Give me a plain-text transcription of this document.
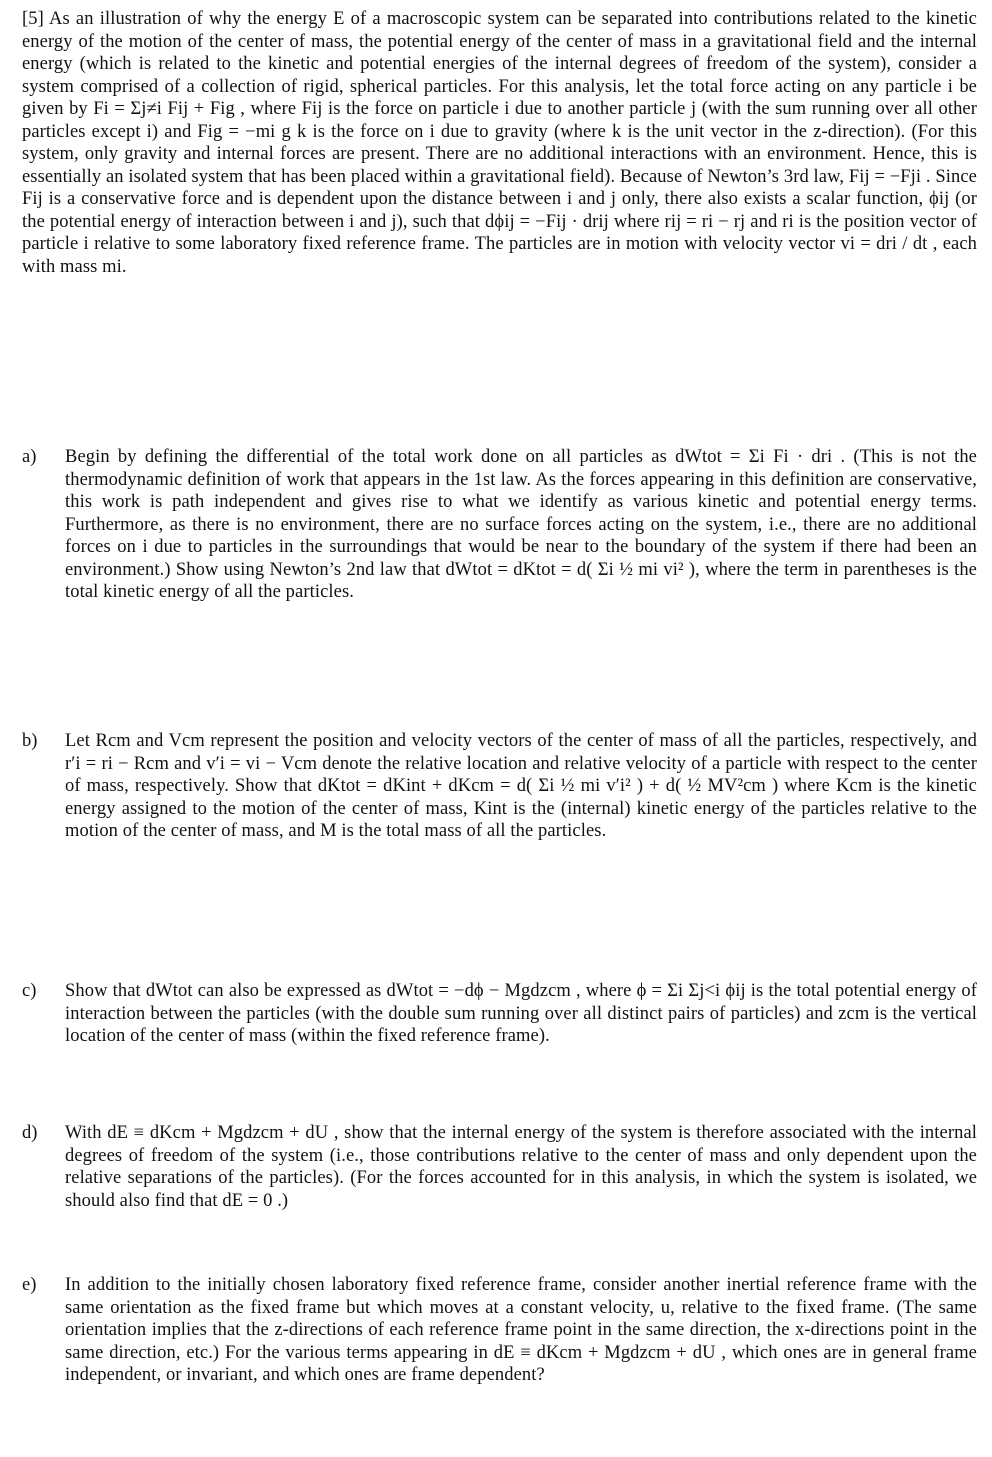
[5] As an illustration of why the energy E of a macroscopic system can be separated into contributions related to the kinetic energy of the motion of the center of mass, the potential energy of the center of mass in a gravitational field and the internal energy (which is related to the kinetic and potential energies of the internal degrees of freedom of the system), consider a system comprised of a collection of rigid, spherical particles. For this analysis, let the total force acting on any particle i be given by Fi = Σj≠i Fij + Fig , where Fij is the force on particle i due to another particle j (with the sum running over all other particles except i) and Fig = −mi g k is the force on i due to gravity (where k is the unit vector in the z-direction). (For this system, only gravity and internal forces are present. There are no additional interactions with an environment. Hence, this is essentially an isolated system that has been placed within a gravitational field). Because of Newton’s 3rd law, Fij = −Fji . Since Fij is a conservative force and is dependent upon the distance between i and j only, there also exists a scalar function, ϕij (or the potential energy of interaction between i and j), such that dϕij = −Fij · drij where rij = ri − rj and ri is the position vector of particle i relative to some laboratory fixed reference frame. The particles are in motion with velocity vector vi = dri / dt , each with mass mi.
a)	Begin by defining the differential of the total work done on all particles as dWtot = Σi Fi · dri . (This is not the thermodynamic definition of work that appears in the 1st law. As the forces appearing in this definition are conservative, this work is path independent and gives rise to what we identify as various kinetic and potential energy terms. Furthermore, as there is no environment, there are no surface forces acting on the system, i.e., there are no additional forces on i due to particles in the surroundings that would be near to the boundary of the system if there had been an environment.) Show using Newton’s 2nd law that dWtot = dKtot = d( Σi ½ mi vi² ), where the term in parentheses is the total kinetic energy of all the particles.
b)	Let Rcm and Vcm represent the position and velocity vectors of the center of mass of all the particles, respectively, and r′i = ri − Rcm and v′i = vi − Vcm denote the relative location and relative velocity of a particle with respect to the center of mass, respectively. Show that dKtot = dKint + dKcm = d( Σi ½ mi v′i² ) + d( ½ MV²cm ) where Kcm is the kinetic energy assigned to the motion of the center of mass, Kint is the (internal) kinetic energy of the particles relative to the motion of the center of mass, and M is the total mass of all the particles.
c)	Show that dWtot can also be expressed as dWtot = −dϕ − Mgdzcm , where ϕ = Σi Σj<i ϕij is the total potential energy of interaction between the particles (with the double sum running over all distinct pairs of particles) and zcm is the vertical location of the center of mass (within the fixed reference frame).
d)	With dE ≡ dKcm + Mgdzcm + dU , show that the internal energy of the system is therefore associated with the internal degrees of freedom of the system (i.e., those contributions relative to the center of mass and only dependent upon the relative separations of the particles). (For the forces accounted for in this analysis, in which the system is isolated, we should also find that dE = 0 .)
e)	In addition to the initially chosen laboratory fixed reference frame, consider another inertial reference frame with the same orientation as the fixed frame but which moves at a constant velocity, u, relative to the fixed frame. (The same orientation implies that the z-directions of each reference frame point in the same direction, the x-directions point in the same direction, etc.) For the various terms appearing in dE ≡ dKcm + Mgdzcm + dU , which ones are in general frame independent, or invariant, and which ones are frame dependent?
